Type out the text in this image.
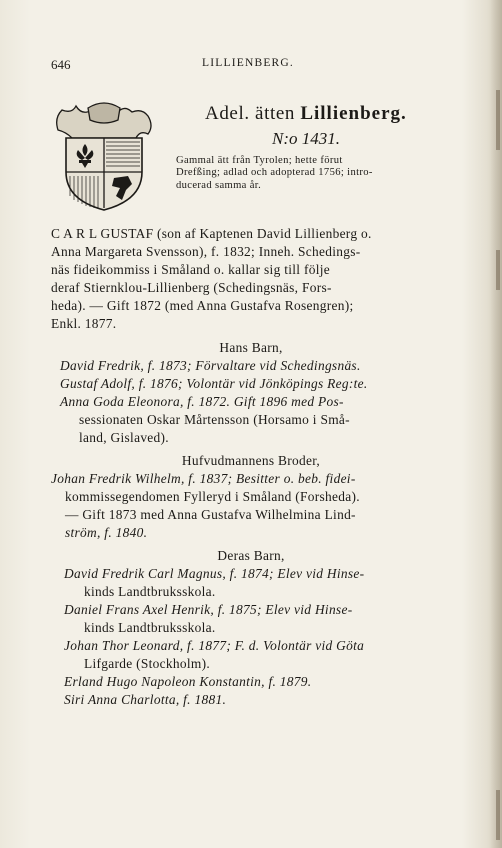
646	LILLIENBERG.
Adel. ätten Lillienberg.
N:o 1431.
Gammal ätt från Tyrolen; hette förut
Drefßing; adlad och adopterad 1756; intro-
ducerad samma år.
C A R L GUSTAF (son af Kaptenen David Lillienberg o.
Anna Margareta Svensson), f. 1832; Inneh. Schedings-
näs fideikommiss i Småland o. kallar sig till följe
deraf Stiernklou-Lillienberg (Schedingsnäs, Fors-
heda). — Gift 1872 (med Anna Gustafva Rosengren);
Enkl. 1877.
Hans Barn,
David Fredrik, f. 1873; Förvaltare vid Schedingsnäs.
Gustaf Adolf, f. 1876; Volontär vid Jönköpings Reg:te.
Anna Goda Eleonora, f. 1872. Gift 1896 med Pos-
sessionaten Oskar Mårtensson (Horsamo i Små-
land, Gislaved).
Hufvudmannens Broder,
Johan Fredrik Wilhelm, f. 1837; Besitter o. beb. fidei-
kommissegendomen Fylleryd i Småland (Forsheda).
— Gift 1873 med Anna Gustafva Wilhelmina Lind-
ström, f. 1840.
Deras Barn,
David Fredrik Carl Magnus, f. 1874; Elev vid Hinse-
kinds Landtbruksskola.
Daniel Frans Axel Henrik, f. 1875; Elev vid Hinse-
kinds Landtbruksskola.
Johan Thor Leonard, f. 1877; F. d. Volontär vid Göta
Lifgarde (Stockholm).
Erland Hugo Napoleon Konstantin, f. 1879.
Siri Anna Charlotta, f. 1881.
